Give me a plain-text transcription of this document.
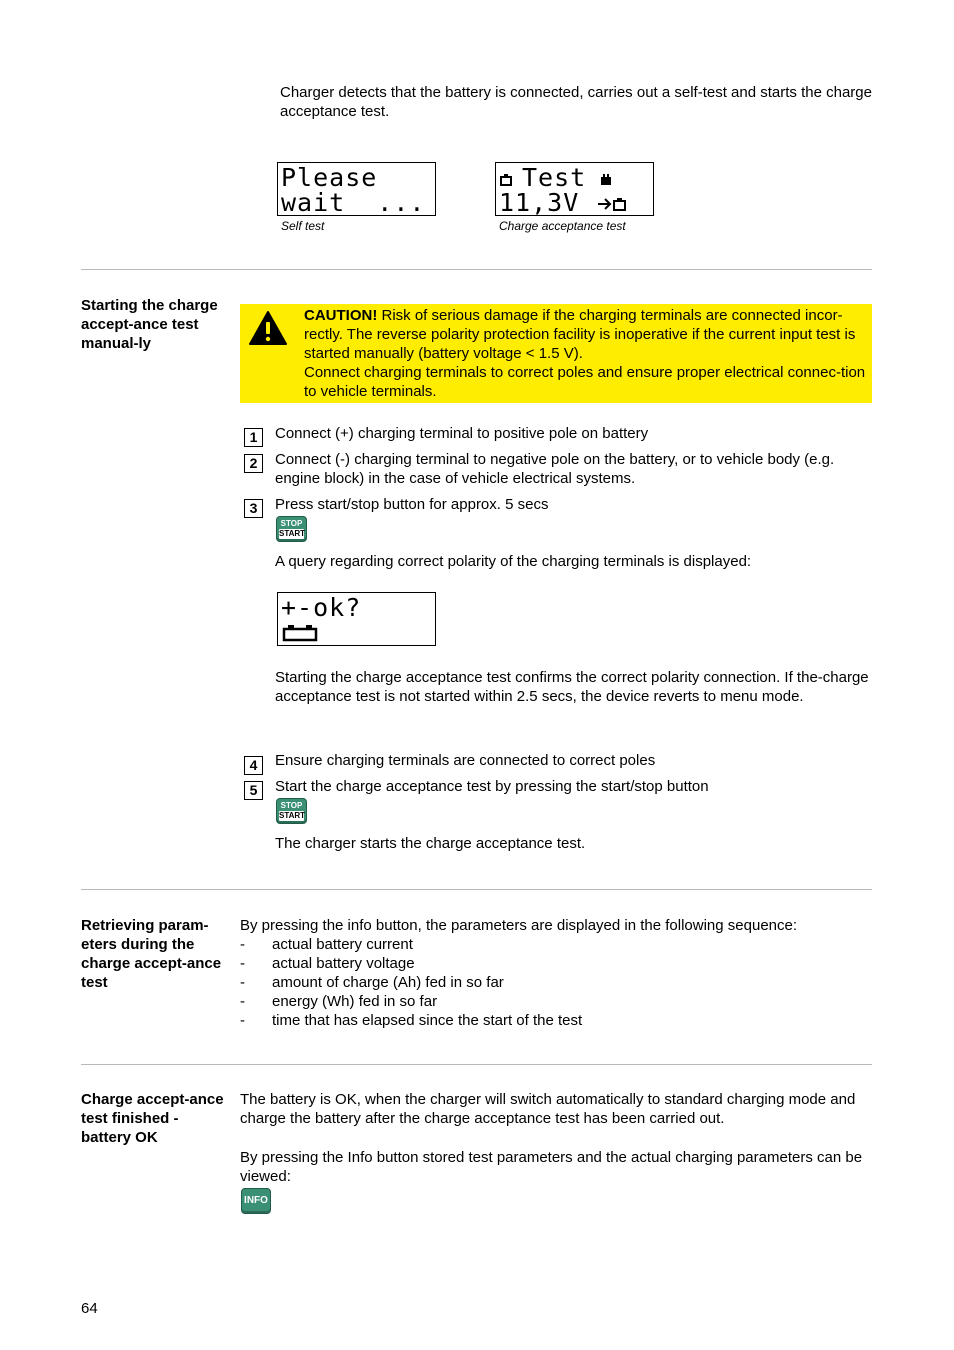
Charger detects that the battery is connected, carries out a self-test and starts the charge acceptance test.

Please
wait  ...
Self test
Test
11,3V
Charge acceptance test
Starting the charge accept-ance test manual-ly
CAUTION! Risk of serious damage if the charging terminals are connected incor-rectly. The reverse polarity protection facility is inoperative if the current input test is started manually (battery voltage < 1.5 V).
Connect charging terminals to correct poles and ensure proper electrical connec-tion to vehicle terminals.
1	Connect (+) charging terminal to positive pole on battery

2	Connect (-) charging terminal to negative pole on the battery, or to vehicle body (e.g. engine block) in the case of vehicle electrical systems.

3	Press start/stop button for approx. 5 secs

STOP
START

A query regarding correct polarity of the charging terminals is displayed:

+-ok?

Starting the charge acceptance test confirms the correct polarity connection. If the-charge acceptance test is not started within 2.5 secs, the device reverts to menu mode.

4	Ensure charging terminals are connected to correct poles

5	Start the charge acceptance test by pressing the start/stop button

STOP
START

The charger starts the charge acceptance test.

Retrieving param-eters during the charge accept-ance test

By pressing the info button, the parameters are displayed in the following sequence:

- actual battery current
- actual battery voltage
- amount of charge (Ah) fed in so far
- energy (Wh) fed in so far
- time that has elapsed since the start of the test
Charge accept-ance test finished - battery OK

The battery is OK, when the charger will switch automatically to standard charging mode and charge the battery after the charge acceptance test has been carried out.

By pressing the Info button stored test parameters and the actual charging parameters can be viewed:

INFO
64
